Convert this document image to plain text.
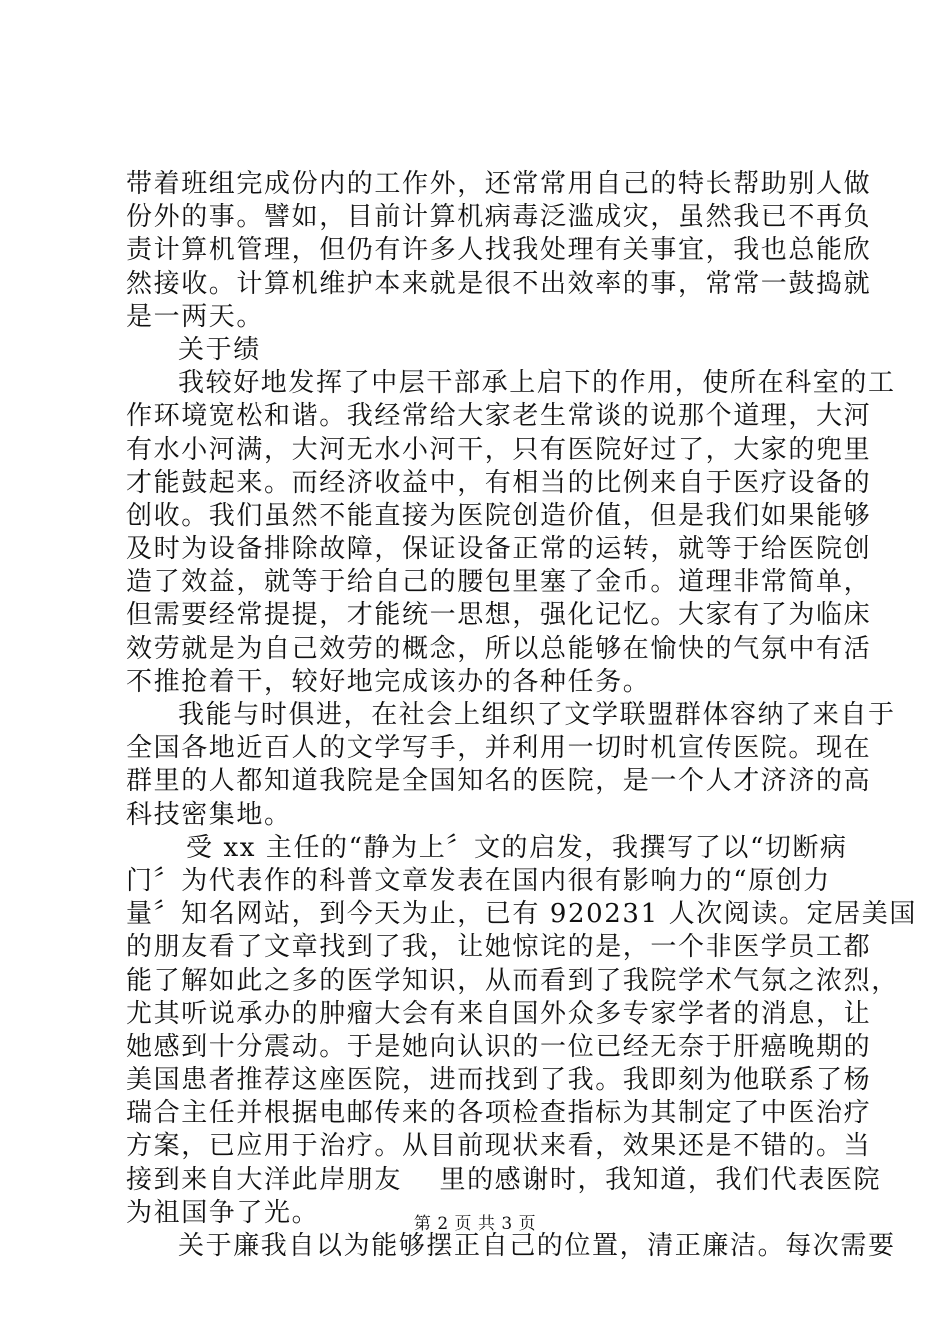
带着班组完成份内的工作外，还常常用自己的特长帮助别人做
份外的事。譬如，目前计算机病毒泛滥成灾，虽然我已不再负
责计算机管理，但仍有许多人找我处理有关事宜，我也总能欣
然接收。计算机维护本来就是很不出效率的事，常常一鼓捣就
是一两天。
关于绩
我较好地发挥了中层干部承上启下的作用，使所在科室的工
作环境宽松和谐。我经常给大家老生常谈的说那个道理，大河
有水小河满，大河无水小河干，只有医院好过了，大家的兜里
才能鼓起来。而经济收益中，有相当的比例来自于医疗设备的
创收。我们虽然不能直接为医院创造价值，但是我们如果能够
及时为设备排除故障，保证设备正常的运转，就等于给医院创
造了效益，就等于给自己的腰包里塞了金币。道理非常简单，
但需要经常提提，才能统一思想，强化记忆。大家有了为临床
效劳就是为自己效劳的概念，所以总能够在愉快的气氛中有活
不推抢着干，较好地完成该办的各种任务。
我能与时俱进，在社会上组织了文学联盟群体容纳了来自于
全国各地近百人的文学写手，并利用一切时机宣传医院。现在
群里的人都知道我院是全国知名的医院，是一个人才济济的高
科技密集地。
受 xx 主任的“静为上〞文的启发，我撰写了以“切断病
门〞为代表作的科普文章发表在国内很有影响力的“原创力
量〞知名网站，到今天为止，已有 920231 人次阅读。定居美国
的朋友看了文章找到了我，让她惊诧的是，一个非医学员工都
能了解如此之多的医学知识，从而看到了我院学术气氛之浓烈，
尤其听说承办的肿瘤大会有来自国外众多专家学者的消息，让
她感到十分震动。于是她向认识的一位已经无奈于肝癌晚期的
美国患者推荐这座医院，进而找到了我。我即刻为他联系了杨
瑞合主任并根据电邮传来的各项检查指标为其制定了中医治疗
方案，已应用于治疗。从目前现状来看，效果还是不错的。当
接到来自大洋此岸朋友　 里的感谢时，我知道，我们代表医院
为祖国争了光。
关于廉我自以为能够摆正自己的位置，清正廉洁。每次需要
第 2 页 共 3 页
